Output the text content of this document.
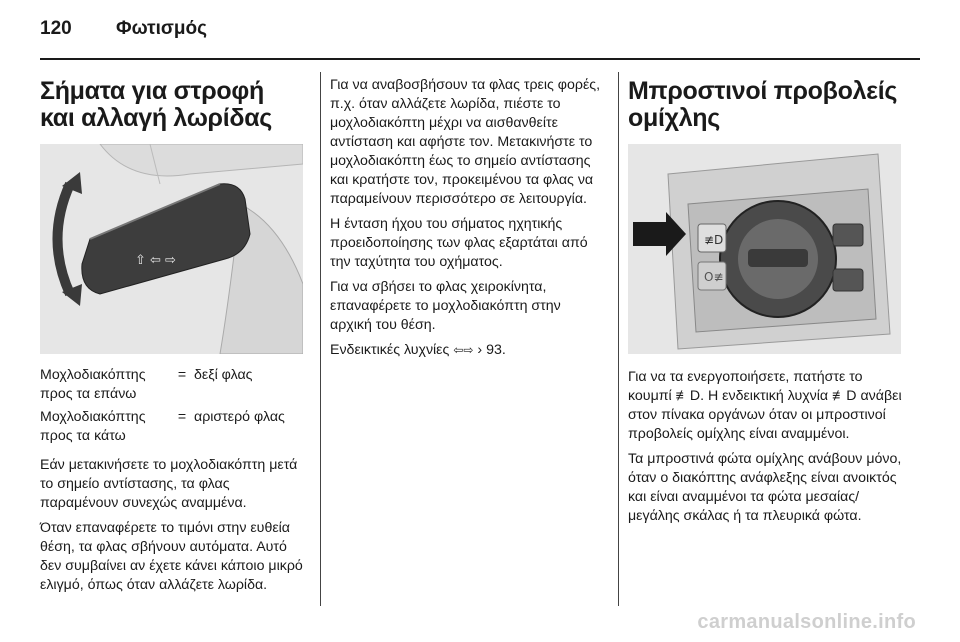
120 Φωτισμός
Σήματα για στροφή και αλλαγή λωρίδας
⇧ ⇦ ⇨
Μοχλοδιακόπτης προς τα επάνω
= δεξί φλας
Μοχλοδιακόπτης προς τα κάτω
= αριστερό φλας

Εάν μετακινήσετε το μοχλοδιακόπτη μετά το σημείο αντίστασης, τα φλας παραμένουν συνεχώς αναμμένα.

Όταν επαναφέρετε το τιμόνι στην ευθεία θέση, τα φλας σβήνουν αυτόματα. Αυτό δεν συμβαίνει αν έχετε κάνει κάποιο μικρό ελιγμό, όπως όταν αλλάζετε λωρίδα.

Για να αναβοσβήσουν τα φλας τρεις φορές, π.χ. όταν αλλάζετε λωρίδα, πιέστε το μοχλοδιακόπτη μέχρι να αισθανθείτε αντίσταση και αφήστε τον. Μετακινήστε το μοχλοδιακόπτη έως το σημείο αντίστασης και κρατήστε τον, προκειμένου τα φλας να παραμείνουν περισσότερο σε λειτουργία.

Η ένταση ήχου του σήματος ηχητικής προειδοποίησης των φλας εξαρτάται από την ταχύτητα του οχήματος.

Για να σβήσει το φλας χειροκίνητα, επαναφέρετε το μοχλοδιακόπτη στην αρχική του θέση.

Ενδεικτικές λυχνίες ⇦⇨ › 93.

Μπροστινοί προβολείς ομίχλης
≢D
O≢

Για να τα ενεργοποιήσετε, πατήστε το κουμπί ≢D. Η ενδεικτική λυχνία ≢D ανάβει στον πίνακα οργάνων όταν οι μπροστινοί προβολείς ομίχλης είναι αναμμένοι.

Τα μπροστινά φώτα ομίχλης ανάβουν μόνο, όταν ο διακόπτης ανάφλεξης είναι ανοικτός και είναι αναμμένοι τα φώτα μεσαίας/μεγάλης σκάλας ή τα πλευρικά φώτα.

carmanualsonline.info
